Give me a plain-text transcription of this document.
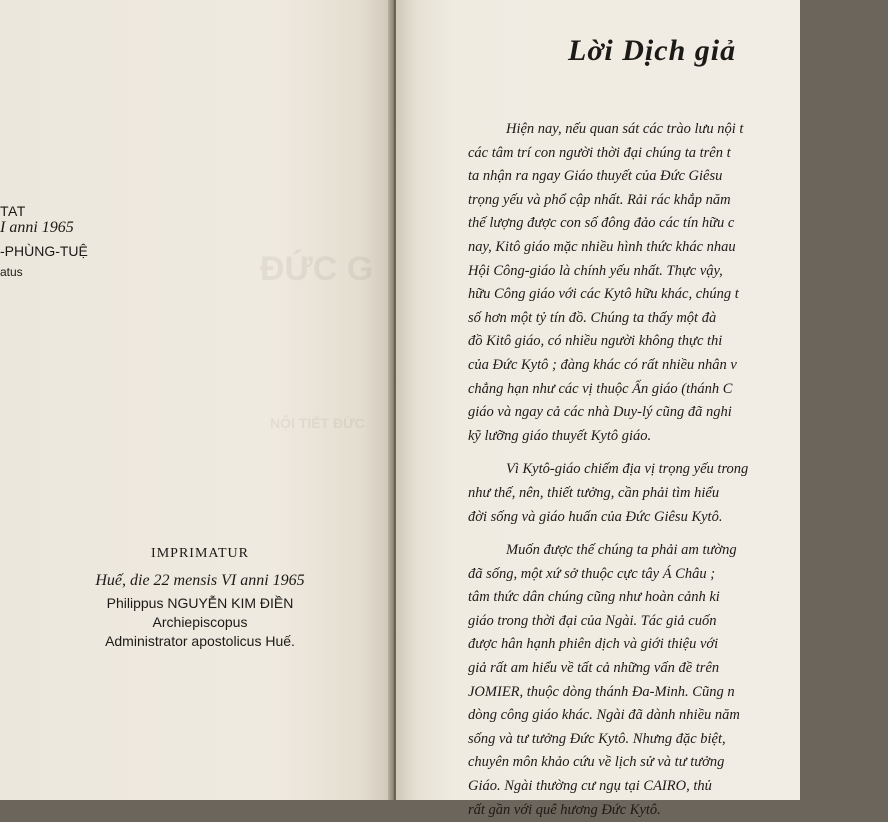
ĐỨC G
NỘI TIẾT ĐỨC
TAT
I anni 1965
-PHÙNG-TUỆ
atus
IMPRIMATUR
Huế, die 22 mensis VI anni 1965
Philippus NGUYỄN KIM ĐIỀN
Archiepiscopus
Administrator apostolicus Huế.
Lời Dịch giả
Hiện nay, nếu quan sát các trào lưu nội t
các tâm trí con người thời đại chúng ta trên t
ta nhận ra ngay Giáo thuyết của Đức Giêsu
trọng yếu và phổ cập nhất. Rải rác khắp năm
thế lượng được con số đông đảo các tín hữu c
nay, Kitô giáo mặc nhiều hình thức khác nhau
Hội Công-giáo là chính yếu nhất. Thực vậy,
hữu Công giáo với các Kytô hữu khác, chúng t
số hơn một tỷ tín đồ. Chúng ta thấy một đà
đồ Kitô giáo, có nhiều người không thực thi
của Đức Kytô ; đàng khác có rất nhiều nhân v
chẳng hạn như các vị thuộc Ấn giáo (thánh C
giáo và ngay cả các nhà Duy-lý cũng đã nghi
kỹ lưỡng giáo thuyết Kytô giáo.
Vì Kytô-giáo chiếm địa vị trọng yếu trong
như thế, nên, thiết tưởng, cần phải tìm hiểu
đời sống và giáo huấn của Đức Giêsu Kytô.
Muốn được thế chúng ta phải am tường
đã sống, một xứ sở thuộc cực tây Á Châu ;
tâm thức dân chúng cũng như hoàn cảnh ki
giáo trong thời đại của Ngài. Tác giả cuốn
được hân hạnh phiên dịch và giới thiệu với
giả rất am hiểu về tất cả những vấn đề trên
JOMIER, thuộc dòng thánh Đa-Minh. Cũng n
dòng công giáo khác. Ngài đã dành nhiều năm
sống và tư tưởng Đức Kytô. Nhưng đặc biệt,
chuyên môn khảo cứu về lịch sử và tư tưởng
Giáo. Ngài thường cư ngụ tại CAIRO, thủ
rất gần với quê hương Đức Kytô.
